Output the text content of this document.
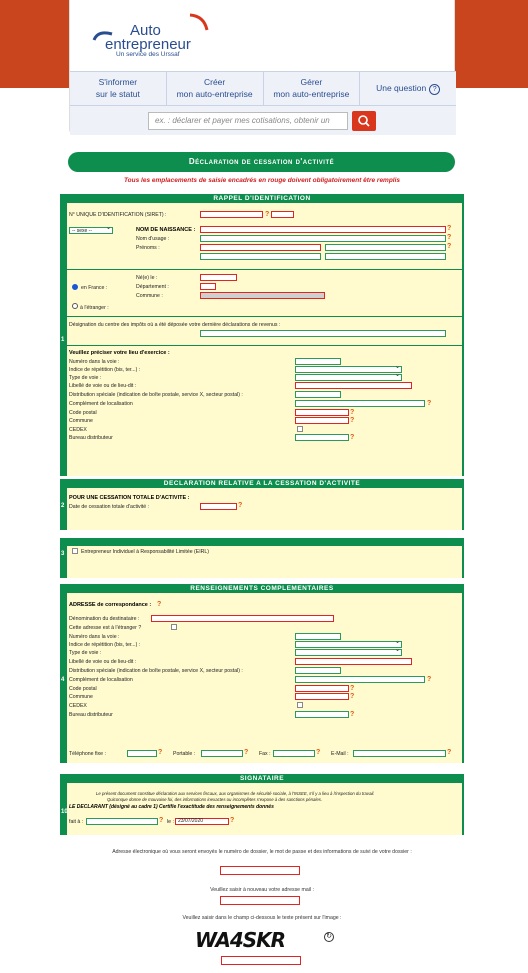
Auto
entrepreneur
Un service des Urssaf
S'informer
sur le statut
Créer
mon auto-entreprise
Gérer
mon auto-entreprise
Une question ?
ex. : déclarer et payer mes cotisations, obtenir un
Déclaration de cessation d'activité
Tous les emplacements de saisie encadrés en rouge doivent obligatoirement être remplis
RAPPEL D'IDENTIFICATION
1
N° UNIQUE D'IDENTIFICATION (SIRET) :	?
-- sexe -- ⌄	NOM DE NAISSANCE :	?
Nom d'usage :	?
Prénoms :	?
Né(e) le :
en France :	Département :
Commune :
à l'étranger :
Désignation du centre des impôts où a été déposée votre dernière déclarations de revenus :
Veuillez préciser votre lieu d'exercice :
Numéro dans la voie :
Indice de répétition (bis, ter...) :
⌄
Type de voie :
⌄
Libellé de voie ou de lieu-dit :
Distribution spéciale (indication de boîte postale, service X, secteur postal) :
Complément de localisation	?
Code postal	?
Commune	?
CEDEX
Bureau distributeur	?
DECLARATION RELATIVE A LA CESSATION D'ACTIVITE
2
POUR UNE CESSATION TOTALE D'ACTIVITE :
Date de cessation totale d'activité :	?
3	Entrepreneur Individuel à Responsabilité Limitée (EIRL)
RENSEIGNEMENTS COMPLEMENTAIRES
4
ADRESSE de correspondance : ?
Dénomination du destinataire :
Cette adresse est à l'étranger ?
Numéro dans la voie :
Indice de répétition (bis, ter...) :
⌄
Type de voie :
⌄
Libellé de voie ou de lieu-dit :
Distribution spéciale (indication de boîte postale, service X, secteur postal) :
Complément de localisation	?
Code postal	?
Commune	?
CEDEX
Bureau distributeur	?
Téléphone fixe :	? Portable :	? Fax :	? E-Mail :	?
SIGNATAIRE
10
Le présent document constitue déclaration aux services fiscaux, aux organismes de sécurité sociale, à l'INSEE, s'il y a lieu à l'inspection du travail.
Quiconque donne de mauvaise foi, des informations inexactes ou incomplètes s'expose à des sanctions pénales.
LE DECLARANT (désigné au cadre 1) Certifie l'exactitude des renseignements donnés
fait à :	? le : 23/07/2020	?
Adresse électronique où vous seront envoyés le numéro de dossier, le mot de passe et des informations de suivi de votre dossier :
Veuillez saisir à nouveau votre adresse mail :
Veuillez saisir dans le champ ci-dessous le texte présent sur l'image :
WA4SKR	↻
